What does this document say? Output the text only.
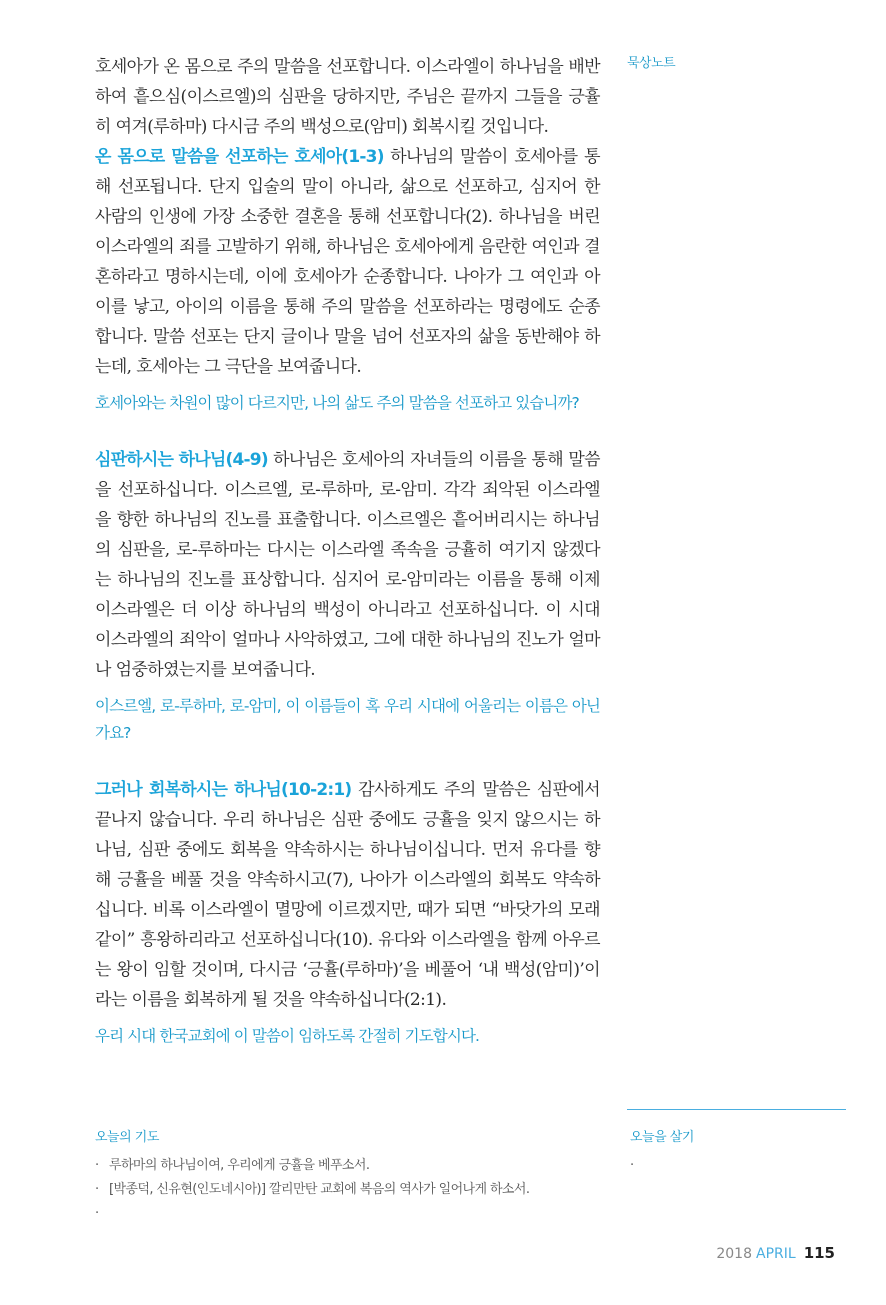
묵상노트

호세아가 온 몸으로 주의 말씀을 선포합니다. 이스라엘이 하나님을 배반하여 흩으심(이스르엘)의 심판을 당하지만, 주님은 끝까지 그들을 긍휼히 여겨(루하마) 다시금 주의 백성으로(암미) 회복시킬 것입니다.

온 몸으로 말씀을 선포하는 호세아(1-3) 하나님의 말씀이 호세아를 통해 선포됩니다. 단지 입술의 말이 아니라, 삶으로 선포하고, 심지어 한 사람의 인생에 가장 소중한 결혼을 통해 선포합니다(2). 하나님을 버린 이스라엘의 죄를 고발하기 위해, 하나님은 호세아에게 음란한 여인과 결혼하라고 명하시는데, 이에 호세아가 순종합니다. 나아가 그 여인과 아이를 낳고, 아이의 이름을 통해 주의 말씀을 선포하라는 명령에도 순종합니다. 말씀 선포는 단지 글이나 말을 넘어 선포자의 삶을 동반해야 하는데, 호세아는 그 극단을 보여줍니다.

호세아와는 차원이 많이 다르지만, 나의 삶도 주의 말씀을 선포하고 있습니까?

심판하시는 하나님(4-9) 하나님은 호세아의 자녀들의 이름을 통해 말씀을 선포하십니다. 이스르엘, 로-루하마, 로-암미. 각각 죄악된 이스라엘을 향한 하나님의 진노를 표출합니다. 이스르엘은 흩어버리시는 하나님의 심판을, 로-루하마는 다시는 이스라엘 족속을 긍휼히 여기지 않겠다는 하나님의 진노를 표상합니다. 심지어 로-암미라는 이름을 통해 이제 이스라엘은 더 이상 하나님의 백성이 아니라고 선포하십니다. 이 시대 이스라엘의 죄악이 얼마나 사악하였고, 그에 대한 하나님의 진노가 얼마나 엄중하였는지를 보여줍니다.

이스르엘, 로-루하마, 로-암미, 이 이름들이 혹 우리 시대에 어울리는 이름은 아닌가요?

그러나 회복하시는 하나님(10-2:1) 감사하게도 주의 말씀은 심판에서 끝나지 않습니다. 우리 하나님은 심판 중에도 긍휼을 잊지 않으시는 하나님, 심판 중에도 회복을 약속하시는 하나님이십니다. 먼저 유다를 향해 긍휼을 베풀 것을 약속하시고(7), 나아가 이스라엘의 회복도 약속하십니다. 비록 이스라엘이 멸망에 이르겠지만, 때가 되면 “바닷가의 모래 같이” 흥왕하리라고 선포하십니다(10). 유다와 이스라엘을 함께 아우르는 왕이 임할 것이며, 다시금 ‘긍휼(루하마)’을 베풀어 ‘내 백성(암미)’이라는 이름을 회복하게 될 것을 약속하십니다(2:1).

우리 시대 한국교회에 이 말씀이 임하도록 간절히 기도합시다.

오늘의 기도
· 루하마의 하나님이여, 우리에게 긍휼을 베푸소서.
· [박종덕, 신유현(인도네시아)] 깔리만탄 교회에 복음의 역사가 일어나게 하소서.
·
오늘을 살기
·
2018 APRIL 115
